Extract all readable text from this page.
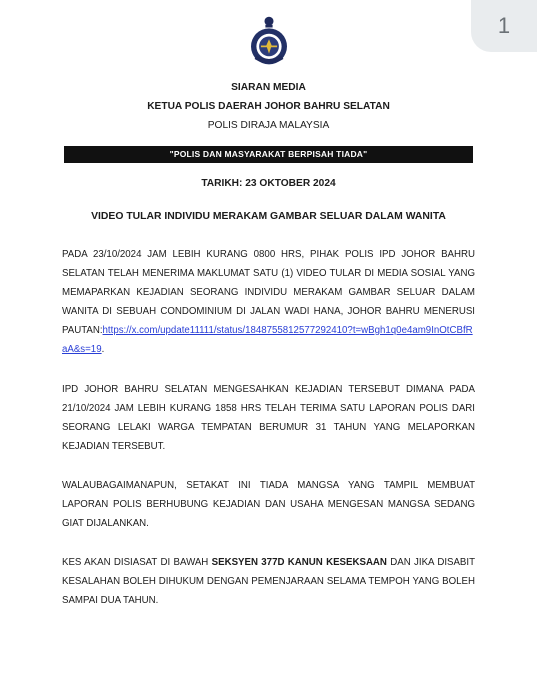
1
SIARAN MEDIA
KETUA POLIS DAERAH JOHOR BAHRU SELATAN
POLIS DIRAJA MALAYSIA
"POLIS DAN MASYARAKAT BERPISAH TIADA"
TARIKH: 23 OKTOBER 2024
VIDEO TULAR INDIVIDU MERAKAM GAMBAR SELUAR DALAM WANITA
PADA 23/10/2024 JAM LEBIH KURANG 0800 HRS, PIHAK POLIS IPD JOHOR BAHRU SELATAN TELAH MENERIMA MAKLUMAT SATU (1) VIDEO TULAR DI MEDIA SOSIAL YANG MEMAPARKAN KEJADIAN SEORANG INDIVIDU MERAKAM GAMBAR SELUAR DALAM WANITA DI SEBUAH CONDOMINIUM DI JALAN WADI HANA, JOHOR BAHRU MENERUSI PAUTAN:https://x.com/update11111/status/1848755812577292410?t=wBgh1q0e4am9InOtCBfRaA&s=19.
IPD JOHOR BAHRU SELATAN MENGESAHKAN KEJADIAN TERSEBUT DIMANA PADA 21/10/2024 JAM LEBIH KURANG 1858 HRS TELAH TERIMA SATU LAPORAN POLIS DARI SEORANG LELAKI WARGA TEMPATAN BERUMUR 31 TAHUN YANG MELAPORKAN KEJADIAN TERSEBUT.
WALAUBAGAIMANAPUN, SETAKAT INI TIADA MANGSA YANG TAMPIL MEMBUAT LAPORAN POLIS BERHUBUNG KEJADIAN DAN USAHA MENGESAN MANGSA SEDANG GIAT DIJALANKAN.
KES AKAN DISIASAT DI BAWAH SEKSYEN 377D KANUN KESEKSAAN DAN JIKA DISABIT KESALAHAN BOLEH DIHUKUM DENGAN PEMENJARAAN SELAMA TEMPOH YANG BOLEH SAMPAI DUA TAHUN.
